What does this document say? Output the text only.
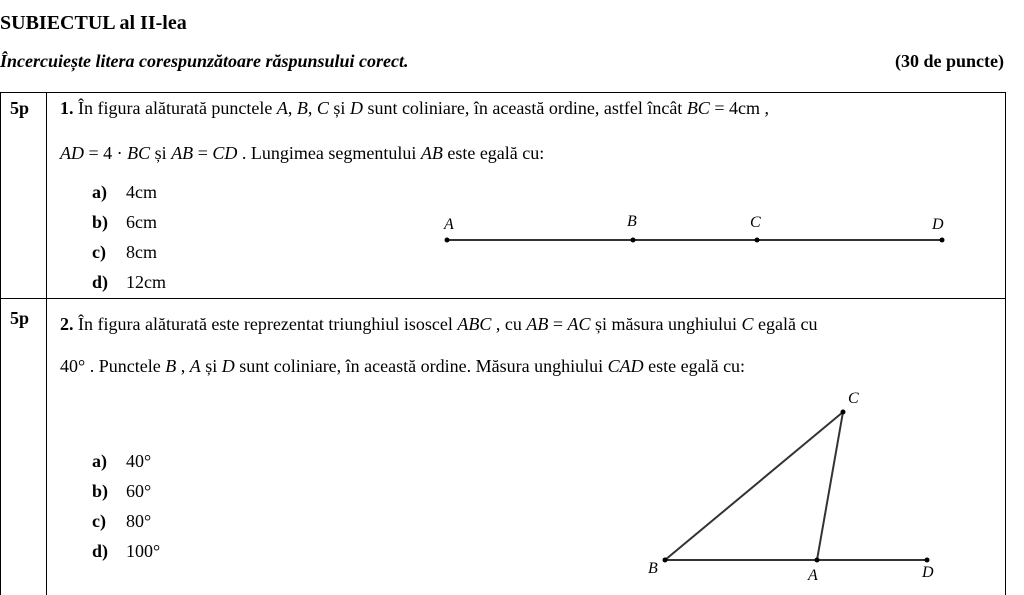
SUBIECTUL al II-lea
Încercuiește litera corespunzătoare răspunsului corect.	(30 de puncte)
5p 1. În figura alăturată punctele A, B, C și D sunt coliniare, în această ordine, astfel încât BC = 4cm ,
AD = 4 · BC și AB = CD . Lungimea segmentului AB este egală cu:
a) 4cm
b) 6cm
c) 8cm
d) 12cm
A	B	C	D
5p 2. În figura alăturată este reprezentat triunghiul isoscel ABC , cu AB = AC și măsura unghiului C egală cu
40° . Punctele B , A și D sunt coliniare, în această ordine. Măsura unghiului CAD este egală cu:
a) 40°
b) 60°
c) 80°
d) 100°
C
B	A	D
